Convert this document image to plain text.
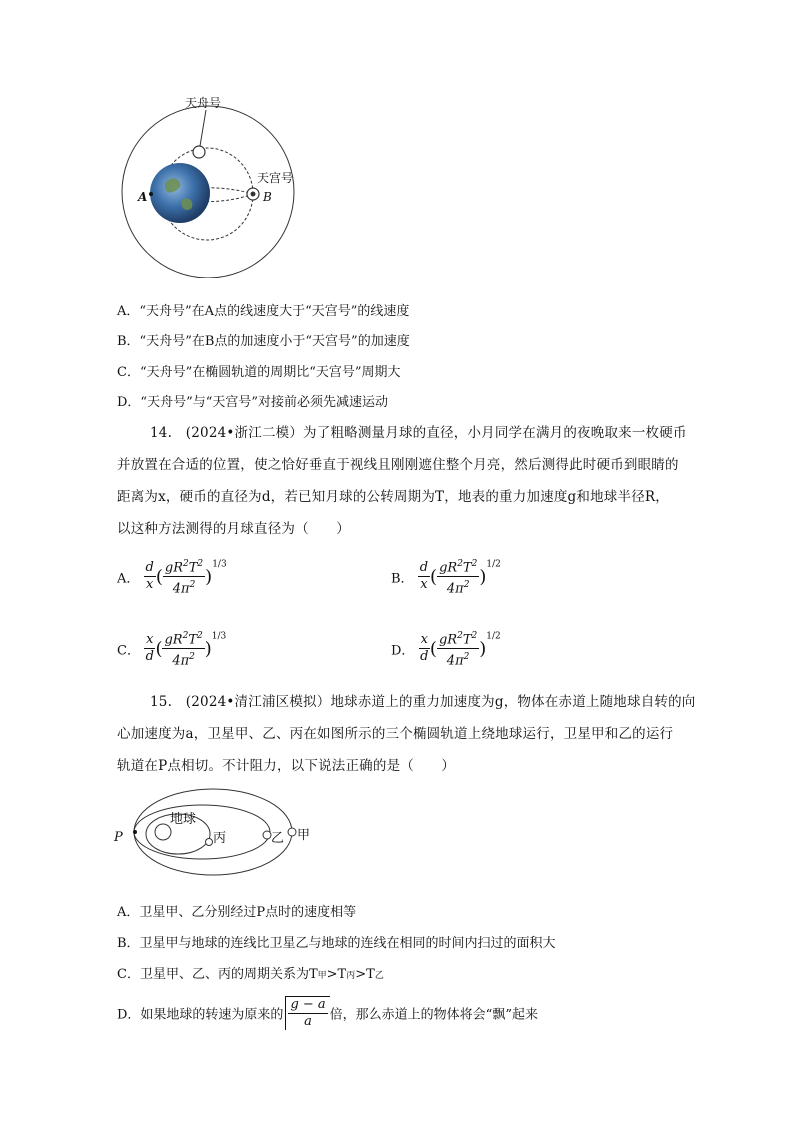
天舟号
天宫号
A	B
A．“天舟号”在A点的线速度大于“天宫号”的线速度
B．“天舟号”在B点的加速度小于“天宫号”的加速度
C．“天舟号”在椭圆轨道的周期比“天宫号”周期大
D．“天舟号”与“天宫号”对接前必须先减速运动
14.　(2024•浙江二模）为了粗略测量月球的直径，小月同学在满月的夜晚取来一枚硬币
并放置在合适的位置，使之恰好垂直于视线且刚刚遮住整个月亮，然后测得此时硬币到眼睛的
距离为x，硬币的直径为d，若已知月球的公转周期为T，地表的重力加速度g和地球半径R，
以这种方法测得的月球直径为（　　）
A． $\frac{d}{x}$ ( $\frac{gR^2T^2}{4\pi^2} )^{1/3}$
B． $\frac{d}{x}$ ( $\frac{gR^2T^2}{4\pi^2} )^{1/2}$
C． $\frac{x}{d}$ ( $\frac{gR^2T^2}{4\pi^2} )^{1/3}$
D． $\frac{x}{d}$ ( $\frac{gR^2T^2}{4\pi^2} )^{1/2}$
15.　(2024•清江浦区模拟）地球赤道上的重力加速度为g，物体在赤道上随地球自转的向
心加速度为a，卫星甲、乙、丙在如图所示的三个椭圆轨道上绕地球运行，卫星甲和乙的运行
轨道在P点相切。不计阻力，以下说法正确的是（　　）
地球
丙	乙 甲
P
A．卫星甲、乙分别经过P点时的速度相等
B．卫星甲与地球的连线比卫星乙与地球的连线在相同的时间内扫过的面积大
C．卫星甲、乙、丙的周期关系为T甲>T丙>T乙
D．如果地球的转速为原来的 $\frac{g - a}{a}$ 倍，那么赤道上的物体将会“飘”起来
